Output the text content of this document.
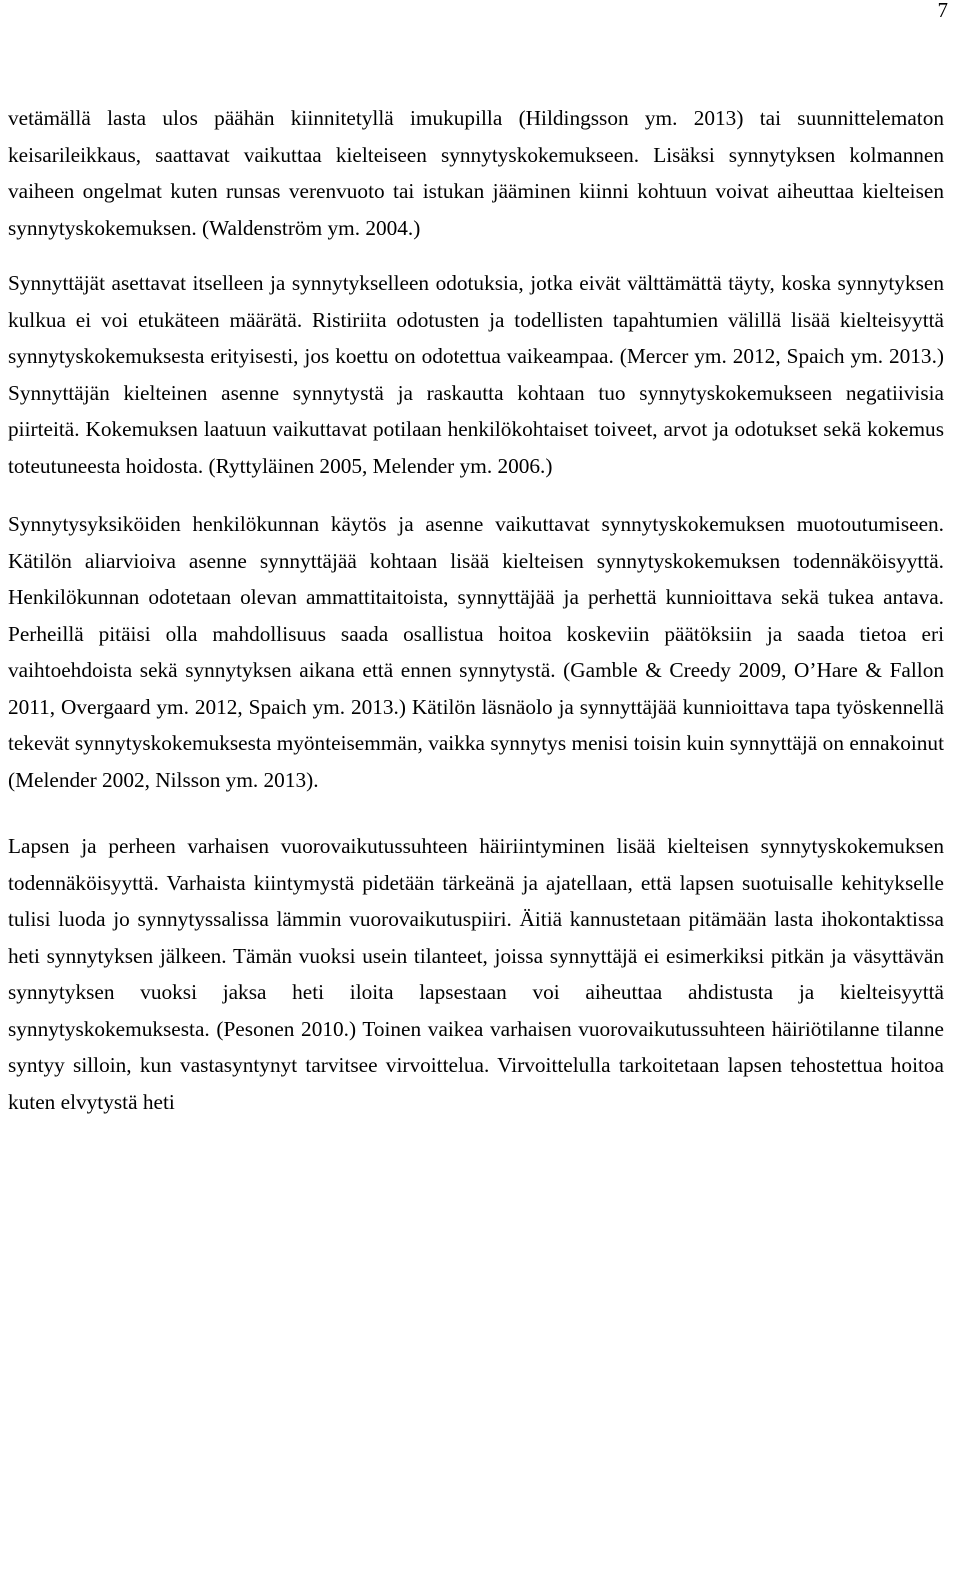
7

vetämällä lasta ulos päähän kiinnitetyllä imukupilla (Hildingsson ym. 2013) tai suunnittelematon keisarileikkaus, saattavat vaikuttaa kielteiseen synnytyskokemukseen. Lisäksi synnytyksen kolmannen vaiheen ongelmat kuten runsas verenvuoto tai istukan jääminen kiinni kohtuun voivat aiheuttaa kielteisen synnytyskokemuksen. (Waldenström ym. 2004.)

Synnyttäjät asettavat itselleen ja synnytykselleen odotuksia, jotka eivät välttämättä täyty, koska synnytyksen kulkua ei voi etukäteen määrätä. Ristiriita odotusten ja todellisten tapahtumien välillä lisää kielteisyyttä synnytyskokemuksesta erityisesti, jos koettu on odotettua vaikeampaa. (Mercer ym. 2012, Spaich ym. 2013.) Synnyttäjän kielteinen asenne synnytystä ja raskautta kohtaan tuo synnytyskokemukseen negatiivisia piirteitä. Kokemuksen laatuun vaikuttavat potilaan henkilökohtaiset toiveet, arvot ja odotukset sekä kokemus toteutuneesta hoidosta. (Ryttyläinen 2005, Melender ym. 2006.)

Synnytysyksiköiden henkilökunnan käytös ja asenne vaikuttavat synnytyskokemuksen muotoutumiseen. Kätilön aliarvioiva asenne synnyttäjää kohtaan lisää kielteisen synnytyskokemuksen todennäköisyyttä. Henkilökunnan odotetaan olevan ammattitaitoista, synnyttäjää ja perhettä kunnioittava sekä tukea antava. Perheillä pitäisi olla mahdollisuus saada osallistua hoitoa koskeviin päätöksiin ja saada tietoa eri vaihtoehdoista sekä synnytyksen aikana että ennen synnytystä. (Gamble & Creedy 2009, O’Hare & Fallon 2011, Overgaard ym. 2012, Spaich ym. 2013.) Kätilön läsnäolo ja synnyttäjää kunnioittava tapa työskennellä tekevät synnytyskokemuksesta myönteisemmän, vaikka synnytys menisi toisin kuin synnyttäjä on ennakoinut (Melender 2002, Nilsson ym. 2013).

Lapsen ja perheen varhaisen vuorovaikutussuhteen häiriintyminen lisää kielteisen synnytyskokemuksen todennäköisyyttä. Varhaista kiintymystä pidetään tärkeänä ja ajatellaan, että lapsen suotuisalle kehitykselle tulisi luoda jo synnytyssalissa lämmin vuorovaikutuspiiri. Äitiä kannustetaan pitämään lasta ihokontaktissa heti synnytyksen jälkeen. Tämän vuoksi usein tilanteet, joissa synnyttäjä ei esimerkiksi pitkän ja väsyttävän synnytyksen vuoksi jaksa heti iloita lapsestaan voi aiheuttaa ahdistusta ja kielteisyyttä synnytyskokemuksesta. (Pesonen 2010.) Toinen vaikea varhaisen vuorovaikutussuhteen häiriötilanne tilanne syntyy silloin, kun vastasyntynyt tarvitsee virvoittelua. Virvoittelulla tarkoitetaan lapsen tehostettua hoitoa kuten elvytystä heti
